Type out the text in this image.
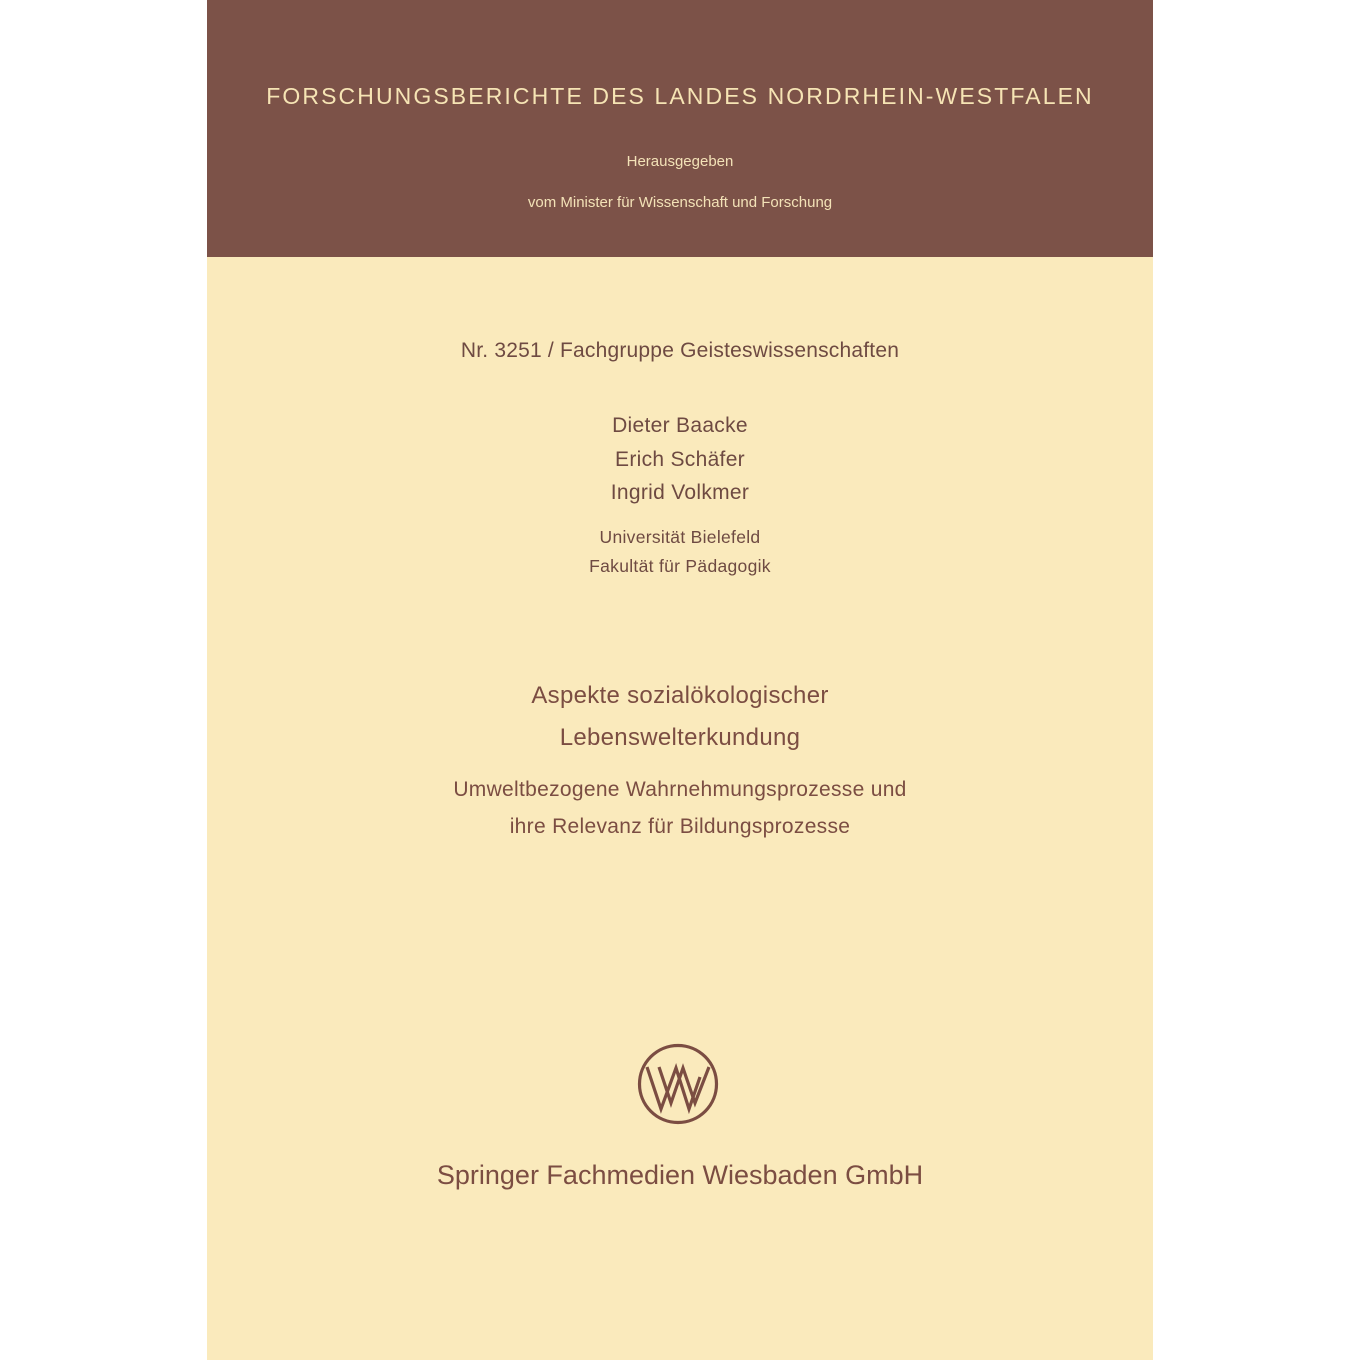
FORSCHUNGSBERICHTE DES LANDES NORDRHEIN-WESTFALEN
Herausgegeben
vom Minister für Wissenschaft und Forschung
Nr. 3251 / Fachgruppe Geisteswissenschaften
Dieter Baacke
Erich Schäfer
Ingrid Volkmer
Universität Bielefeld
Fakultät für Pädagogik
Aspekte sozialökologischer
Lebenswelterkundung
Umweltbezogene Wahrnehmungsprozesse und
ihre Relevanz für Bildungsprozesse
Springer Fachmedien Wiesbaden GmbH
